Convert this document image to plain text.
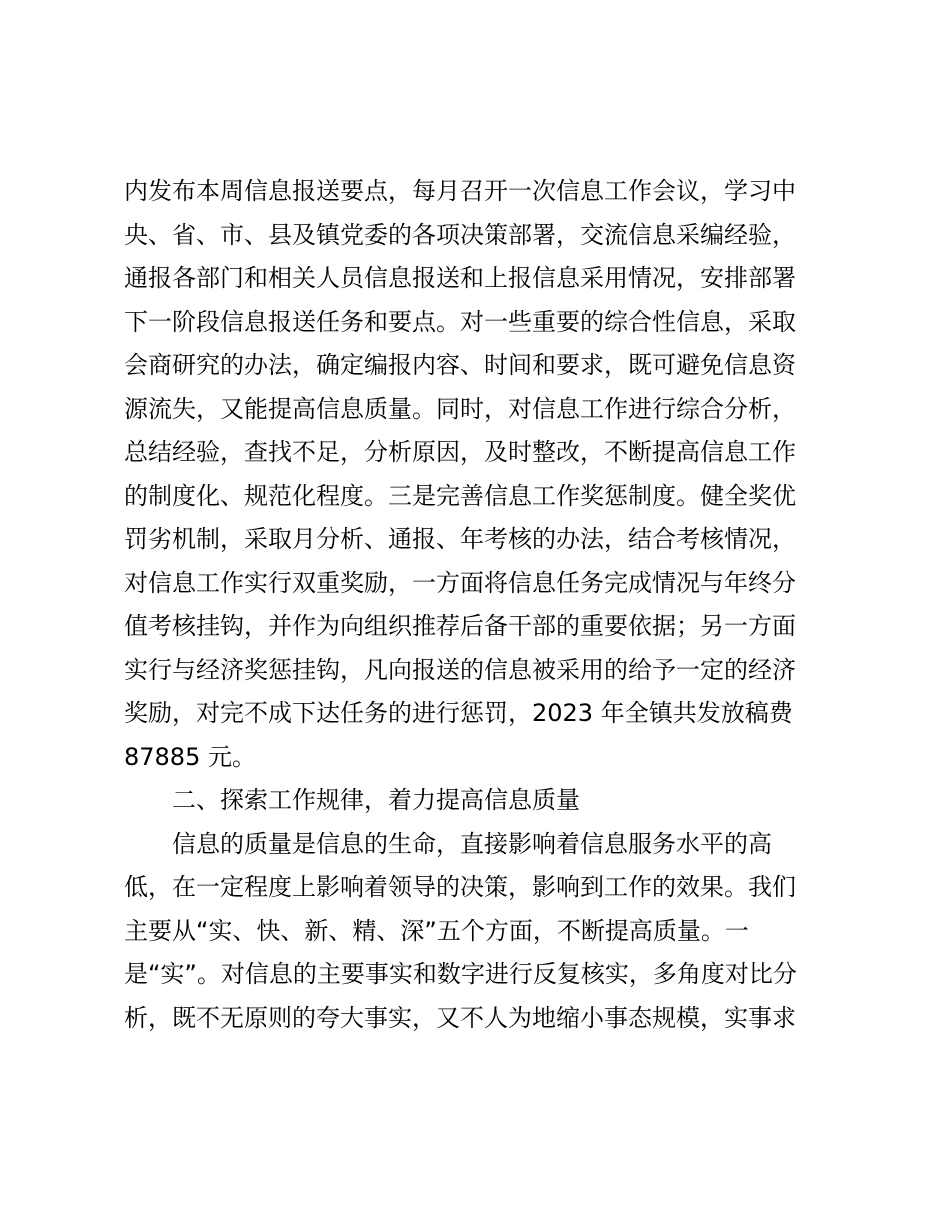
内发布本周信息报送要点，每月召开一次信息工作会议，学习中
央、省、市、县及镇党委的各项决策部署，交流信息采编经验，
通报各部门和相关人员信息报送和上报信息采用情况，安排部署
下一阶段信息报送任务和要点。对一些重要的综合性信息，采取
会商研究的办法，确定编报内容、时间和要求，既可避免信息资
源流失，又能提高信息质量。同时，对信息工作进行综合分析，
总结经验，查找不足，分析原因，及时整改，不断提高信息工作
的制度化、规范化程度。三是完善信息工作奖惩制度。健全奖优
罚劣机制，采取月分析、通报、年考核的办法，结合考核情况，
对信息工作实行双重奖励，一方面将信息任务完成情况与年终分
值考核挂钩，并作为向组织推荐后备干部的重要依据；另一方面
实行与经济奖惩挂钩，凡向报送的信息被采用的给予一定的经济
奖励，对完不成下达任务的进行惩罚，2023 年全镇共发放稿费
87885 元。
二、探索工作规律，着力提高信息质量
信息的质量是信息的生命，直接影响着信息服务水平的高
低，在一定程度上影响着领导的决策，影响到工作的效果。我们
主要从“实、快、新、精、深”五个方面，不断提高质量。一
是“实”。对信息的主要事实和数字进行反复核实，多角度对比分
析，既不无原则的夸大事实，又不人为地缩小事态规模，实事求
